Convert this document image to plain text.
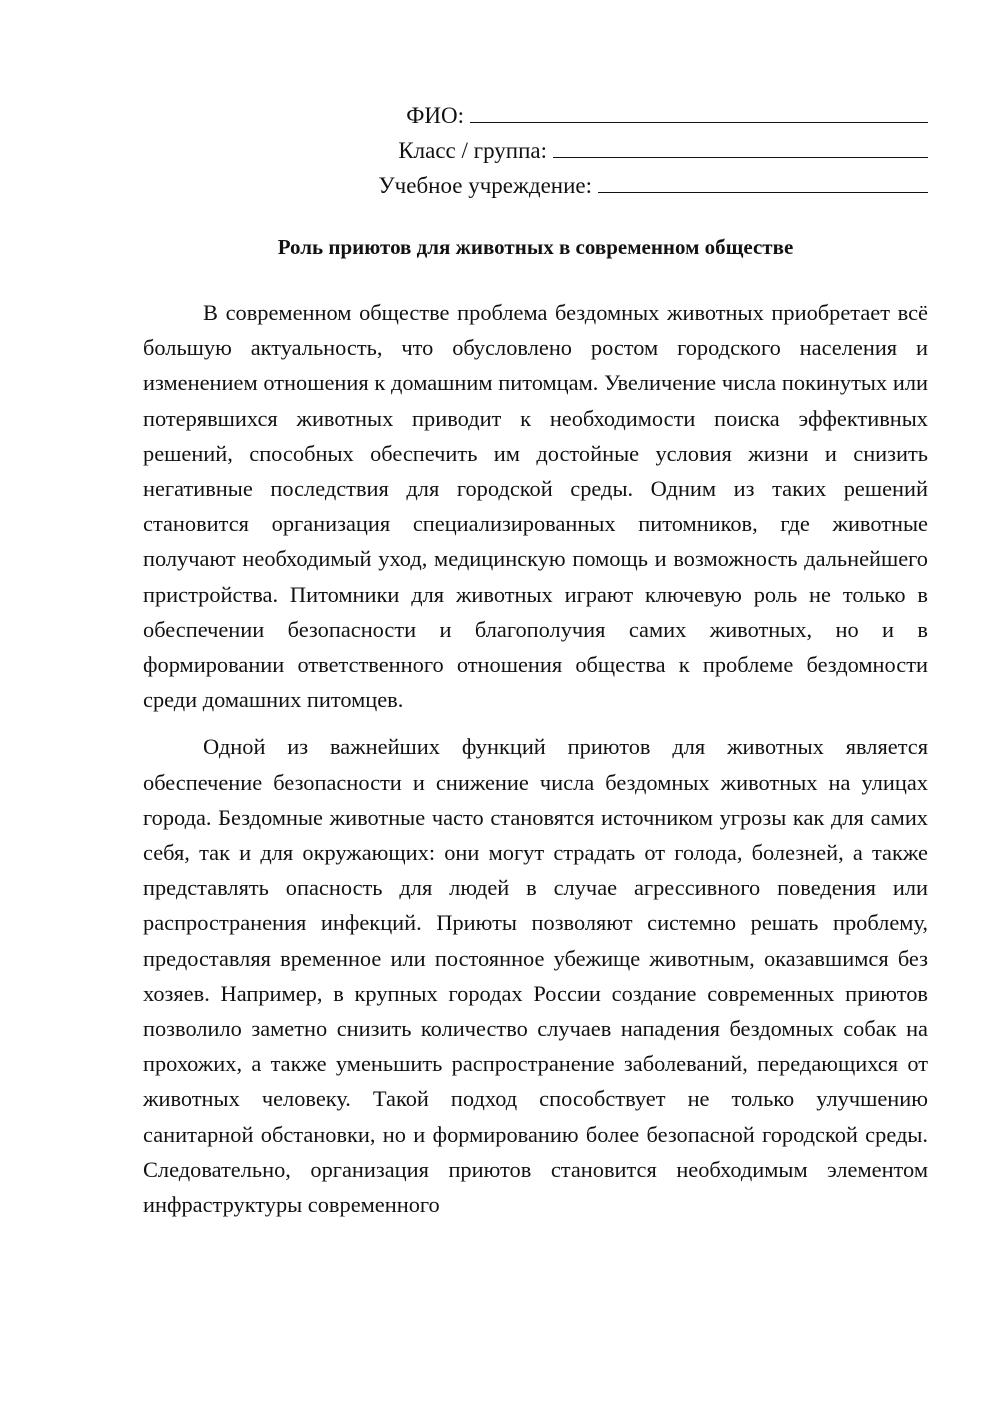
ФИО:
Класс / группа:
Учебное учреждение:
Роль приютов для животных в современном обществе

В современном обществе проблема бездомных животных приобретает всё большую актуальность, что обусловлено ростом городского населения и изменением отношения к домашним питомцам. Увеличение числа покинутых или потерявшихся животных приводит к необходимости поиска эффективных решений, способных обеспечить им достойные условия жизни и снизить негативные последствия для городской среды. Одним из таких решений становится организация специализированных питомников, где животные получают необходимый уход, медицинскую помощь и возможность дальнейшего пристройства. Питомники для животных играют ключевую роль не только в обеспечении безопасности и благополучия самих животных, но и в формировании ответственного отношения общества к проблеме бездомности среди домашних питомцев.

Одной из важнейших функций приютов для животных является обеспечение безопасности и снижение числа бездомных животных на улицах города. Бездомные животные часто становятся источником угрозы как для самих себя, так и для окружающих: они могут страдать от голода, болезней, а также представлять опасность для людей в случае агрессивного поведения или распространения инфекций. Приюты позволяют системно решать проблему, предоставляя временное или постоянное убежище животным, оказавшимся без хозяев. Например, в крупных городах России создание современных приютов позволило заметно снизить количество случаев нападения бездомных собак на прохожих, а также уменьшить распространение заболеваний, передающихся от животных человеку. Такой подход способствует не только улучшению санитарной обстановки, но и формированию более безопасной городской среды. Следовательно, организация приютов становится необходимым элементом инфраструктуры современного
